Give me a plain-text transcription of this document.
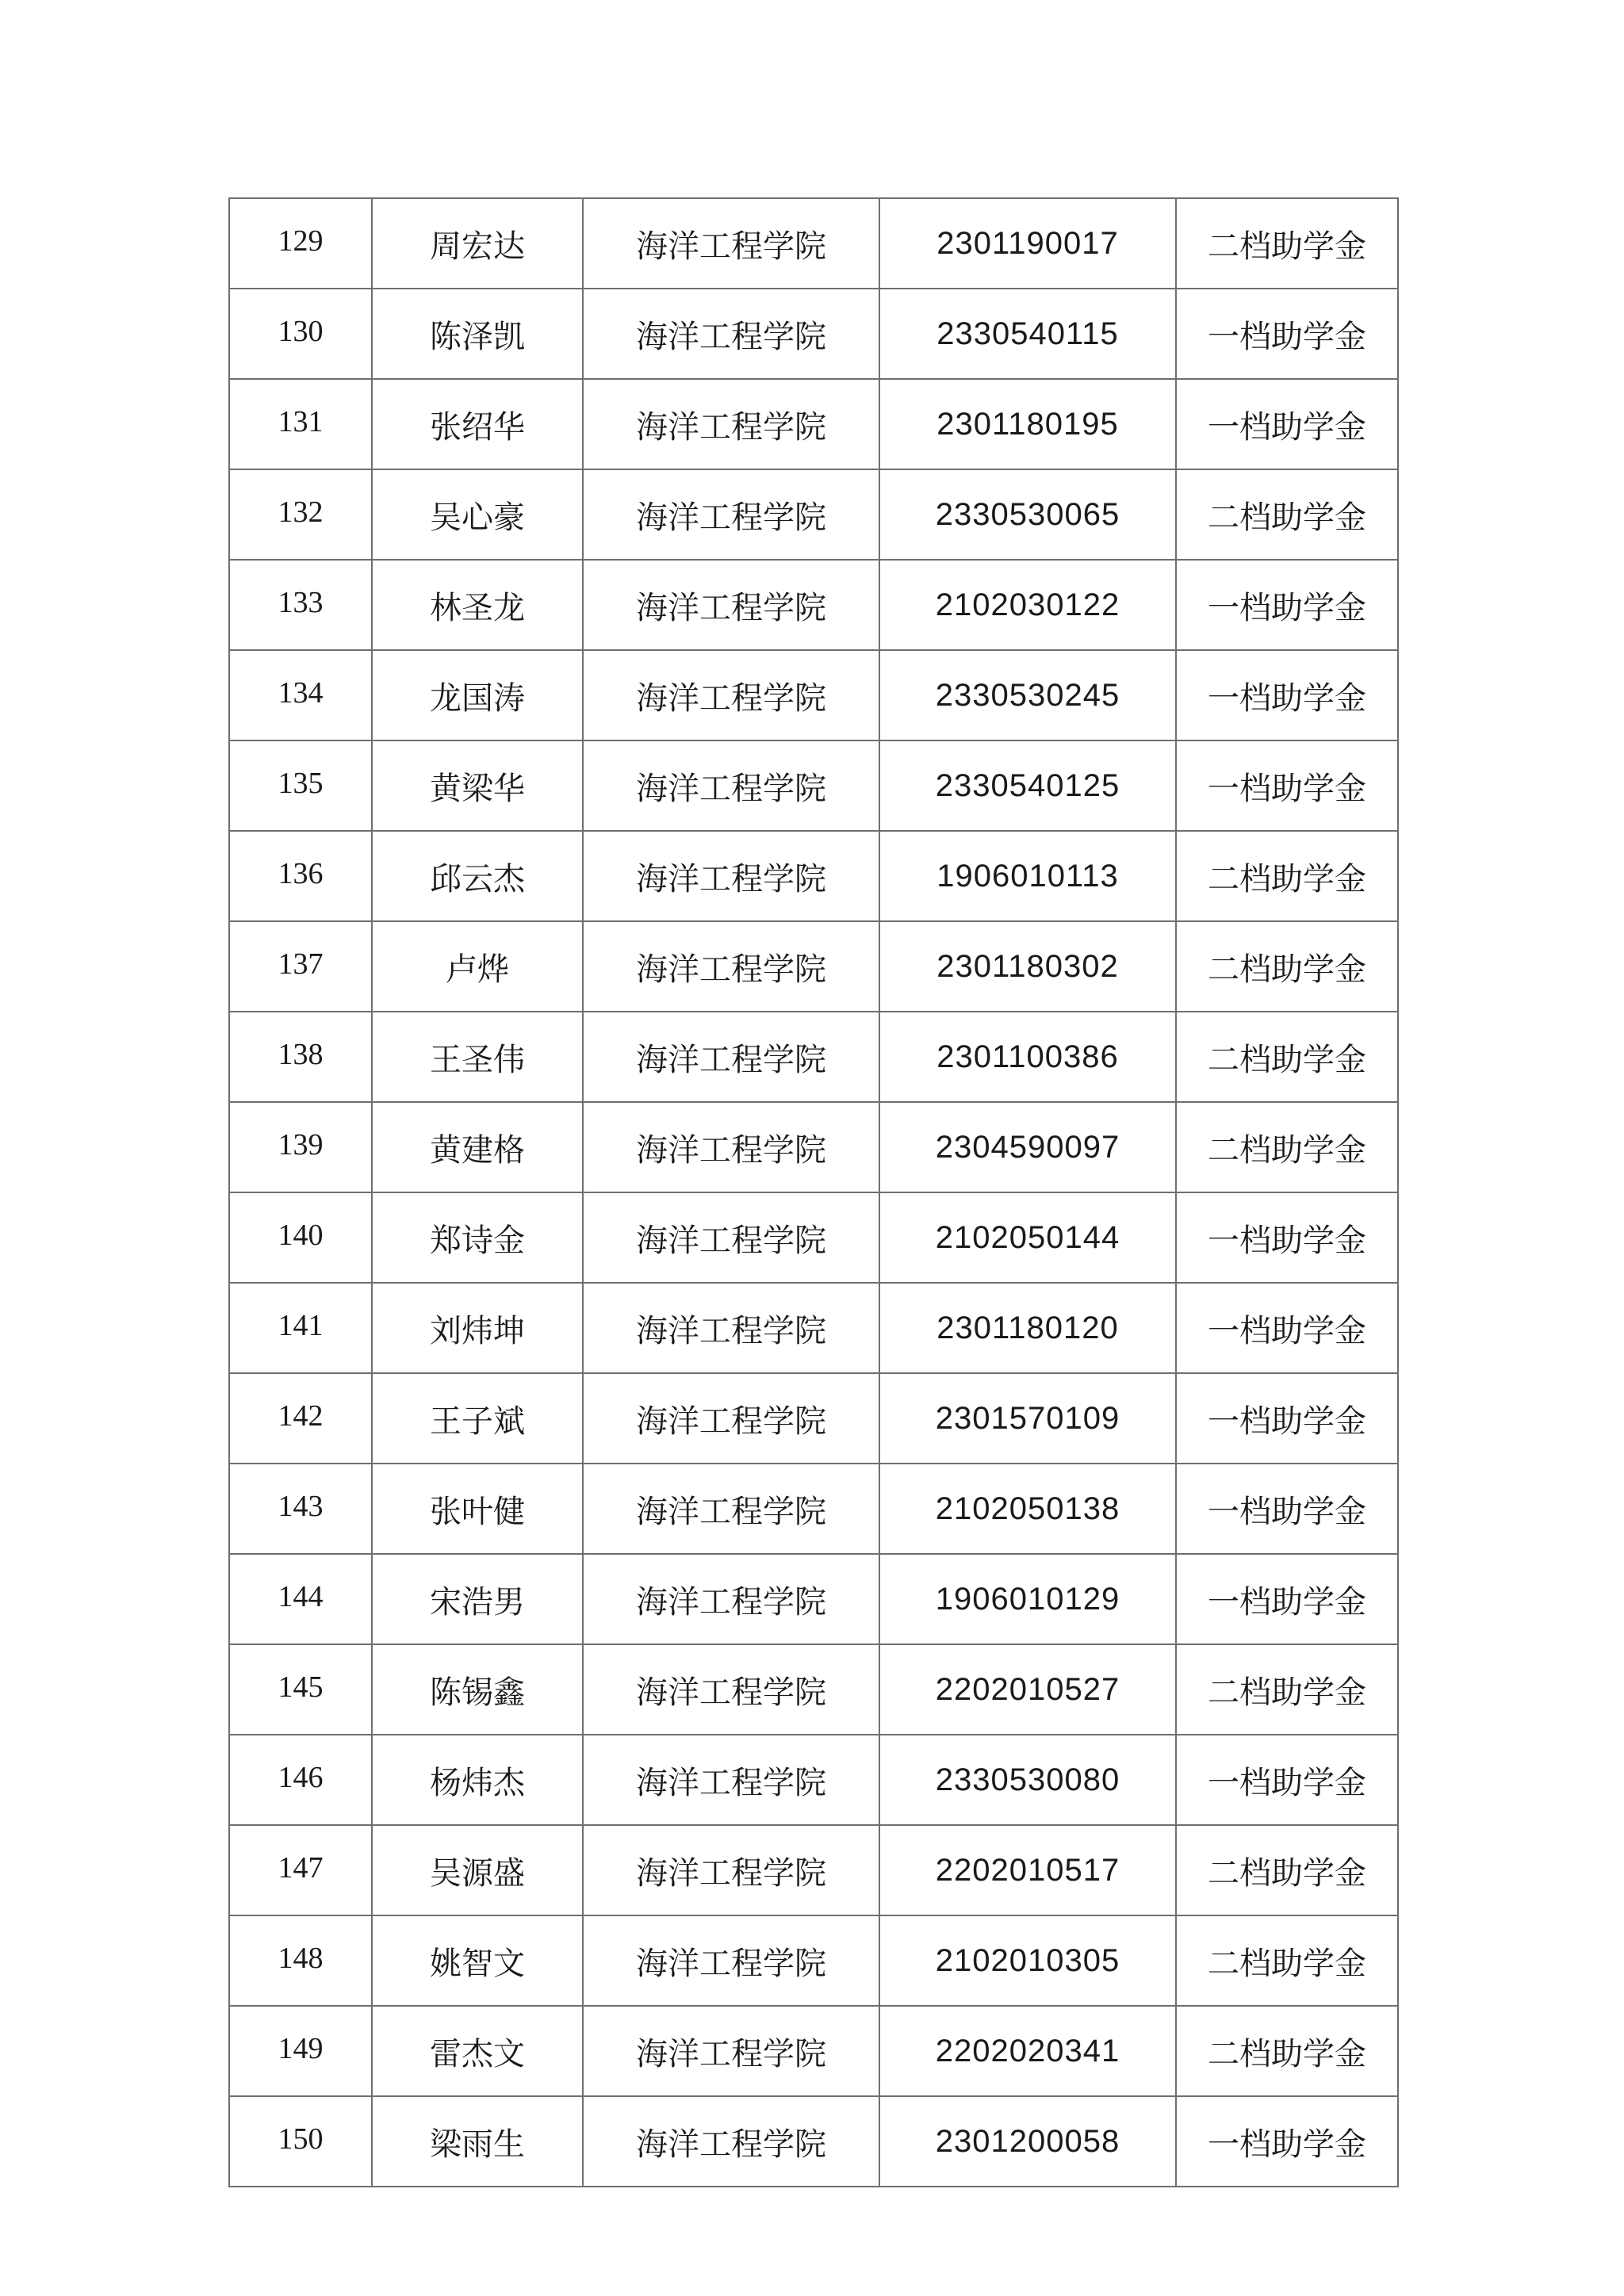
129	周宏达	海洋工程学院	2301190017	二档助学金
130	陈泽凯	海洋工程学院	2330540115	一档助学金
131	张绍华	海洋工程学院	2301180195	一档助学金
132	吴心豪	海洋工程学院	2330530065	二档助学金
133	林圣龙	海洋工程学院	2102030122	一档助学金
134	龙国涛	海洋工程学院	2330530245	一档助学金
135	黄梁华	海洋工程学院	2330540125	一档助学金
136	邱云杰	海洋工程学院	1906010113	二档助学金
137	卢烨	海洋工程学院	2301180302	二档助学金
138	王圣伟	海洋工程学院	2301100386	二档助学金
139	黄建格	海洋工程学院	2304590097	二档助学金
140	郑诗金	海洋工程学院	2102050144	一档助学金
141	刘炜坤	海洋工程学院	2301180120	一档助学金
142	王子斌	海洋工程学院	2301570109	一档助学金
143	张叶健	海洋工程学院	2102050138	一档助学金
144	宋浩男	海洋工程学院	1906010129	一档助学金
145	陈锡鑫	海洋工程学院	2202010527	二档助学金
146	杨炜杰	海洋工程学院	2330530080	一档助学金
147	吴源盛	海洋工程学院	2202010517	二档助学金
148	姚智文	海洋工程学院	2102010305	二档助学金
149	雷杰文	海洋工程学院	2202020341	二档助学金
150	梁雨生	海洋工程学院	2301200058	一档助学金
